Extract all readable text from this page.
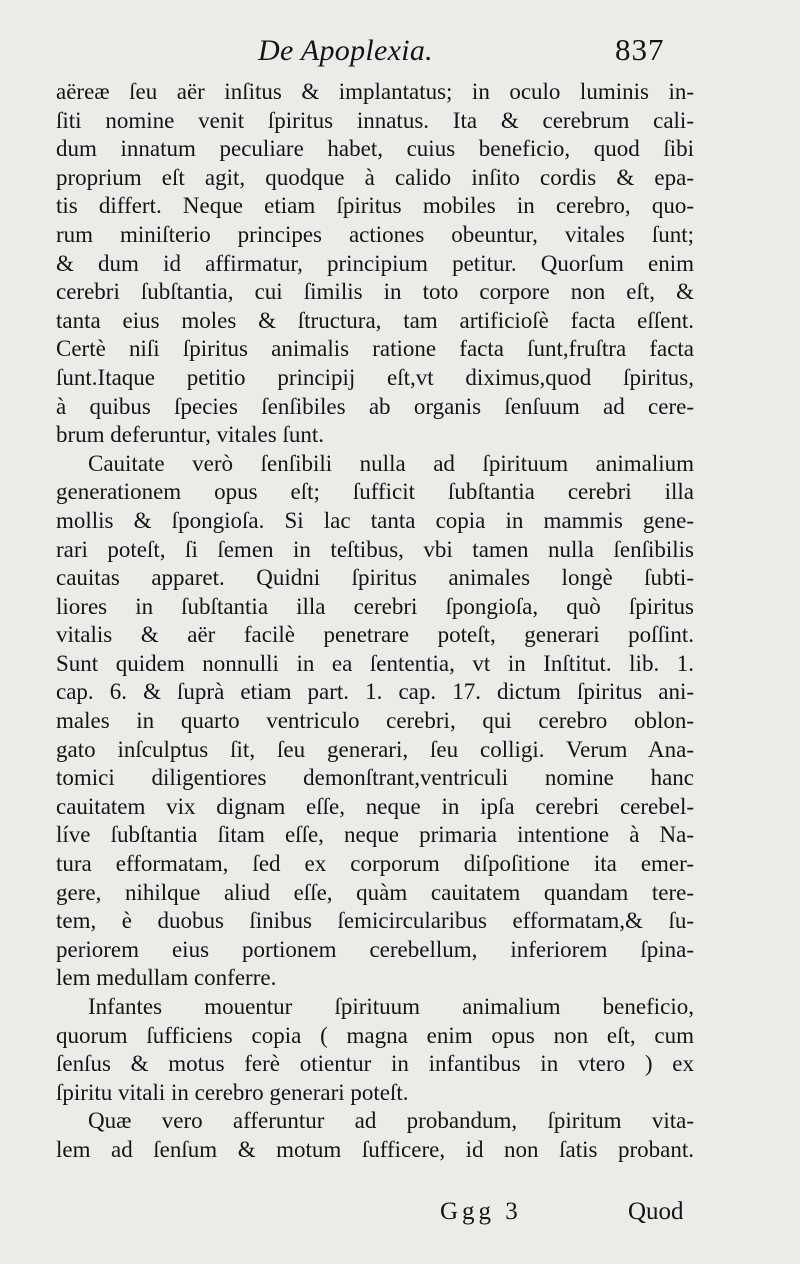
De Apoplexia.	837
aëreæ ſeu aër inſitus & implantatus; in oculo luminis in-
ſiti nomine venit ſpiritus innatus. Ita & cerebrum cali-
dum innatum peculiare habet, cuius beneficio, quod ſibi
proprium eſt agit, quodque à calido inſito cordis & epa-
tis differt. Neque etiam ſpiritus mobiles in cerebro, quo-
rum miniſterio principes actiones obeuntur, vitales ſunt;
& dum id affirmatur, principium petitur. Quorſum enim
cerebri ſubſtantia, cui ſimilis in toto corpore non eſt, &
tanta eius moles & ſtructura, tam artificioſè facta eſſent.
Certè niſi ſpiritus animalis ratione facta ſunt,fruſtra facta
ſunt.Itaque petitio principij eſt,vt diximus,quod ſpiritus,
à quibus ſpecies ſenſibiles ab organis ſenſuum ad cere-
brum deferuntur, vitales ſunt.
Cauitate verò ſenſibili nulla ad ſpirituum animalium
generationem opus eſt; ſufficit ſubſtantia cerebri illa
mollis & ſpongioſa. Si lac tanta copia in mammis gene-
rari poteſt, ſi ſemen in teſtibus, vbi tamen nulla ſenſibilis
cauitas apparet. Quidni ſpiritus animales longè ſubti-
liores in ſubſtantia illa cerebri ſpongioſa, quò ſpiritus
vitalis & aër facilè penetrare poteſt, generari poſſint.
Sunt quidem nonnulli in ea ſententia, vt in Inſtitut. lib. 1.
cap. 6. & ſuprà etiam part. 1. cap. 17. dictum ſpiritus ani-
males in quarto ventriculo cerebri, qui cerebro oblon-
gato inſculptus ſit, ſeu generari, ſeu colligi. Verum Ana-
tomici diligentiores demonſtrant,ventriculi nomine hanc
cauitatem vix dignam eſſe, neque in ipſa cerebri cerebel-
líve ſubſtantia ſitam eſſe, neque primaria intentione à Na-
tura efformatam, ſed ex corporum diſpoſitione ita emer-
gere, nihilque aliud eſſe, quàm cauitatem quandam tere-
tem, è duobus ſinibus ſemicircularibus efformatam,& ſu-
periorem eius portionem cerebellum, inferiorem ſpina-
lem medullam conferre.
Infantes mouentur ſpirituum animalium beneficio,
quorum ſufficiens copia ( magna enim opus non eſt, cum
ſenſus & motus ferè otientur in infantibus in vtero ) ex
ſpiritu vitali in cerebro generari poteſt.
Quæ vero afferuntur ad probandum, ſpiritum vita-
lem ad ſenſum & motum ſufficere, id non ſatis probant.
Ggg 3	Quod
